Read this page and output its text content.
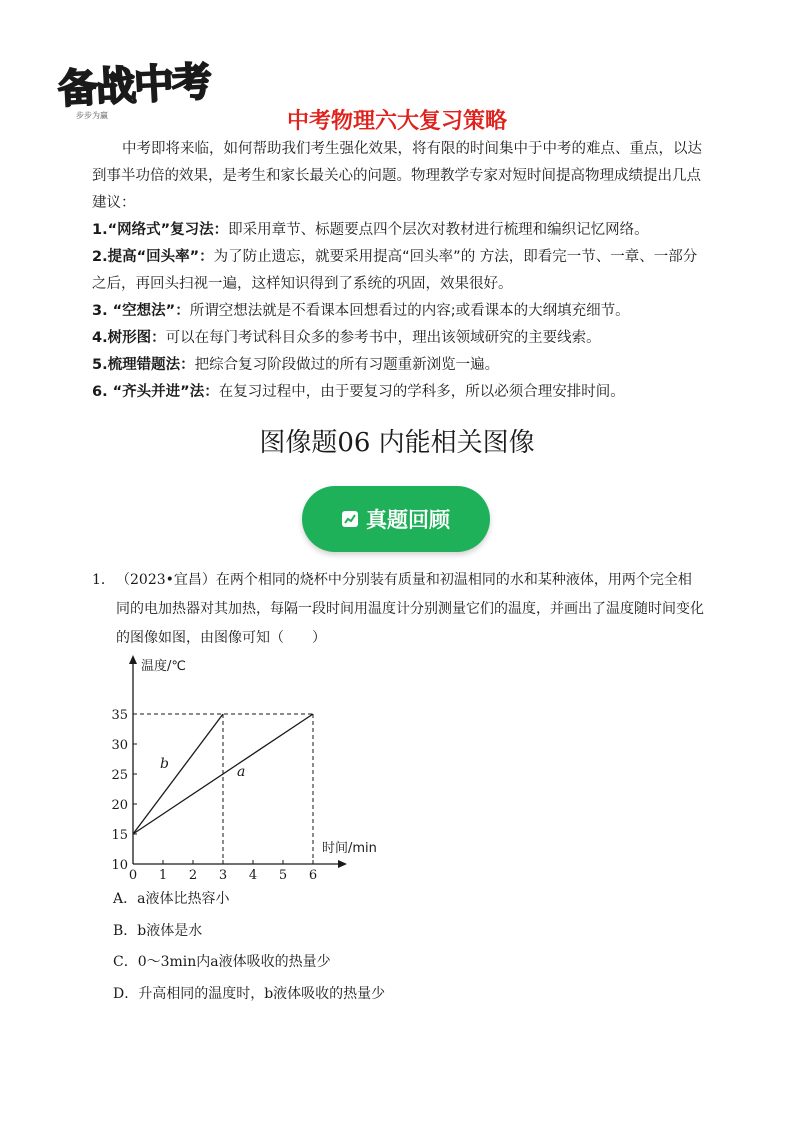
备战中考
步步为赢	中考物理六大复习策略
中考即将来临，如何帮助我们考生强化效果，将有限的时间集中于中考的难点、重点，以达到事半功倍的效果，是考生和家长最关心的问题。物理教学专家对短时间提高物理成绩提出几点建议：

1.“网络式”复习法：即采用章节、标题要点四个层次对教材进行梳理和编织记忆网络。

2.提高“回头率”：为了防止遗忘，就要采用提高“回头率”的 方法，即看完一节、一章、一部分之后，再回头扫视一遍，这样知识得到了系统的巩固，效果很好。

3. “空想法”：所谓空想法就是不看课本回想看过的内容;或看课本的大纲填充细节。

4.树形图：可以在每门考试科目众多的参考书中，理出该领域研究的主要线索。

5.梳理错题法：把综合复习阶段做过的所有习题重新浏览一遍。

6. “齐头并进”法：在复习过程中，由于要复习的学科多，所以必须合理安排时间。

图像题06 内能相关图像
真题回顾
1． （2023•宜昌）在两个相同的烧杯中分别装有质量和初温相同的水和某种液体，用两个完全相同的电加热器对其加热，每隔一段时间用温度计分别测量它们的温度，并画出了温度随时间变化的图像如图，由图像可知（　　）
温度/℃
时间/min
0 1 2 3 4 5 6
10
15
20
25
30
35
b	a
A．a液体比热容小
B．b液体是水
C．0～3min内a液体吸收的热量少
D．升高相同的温度时，b液体吸收的热量少
